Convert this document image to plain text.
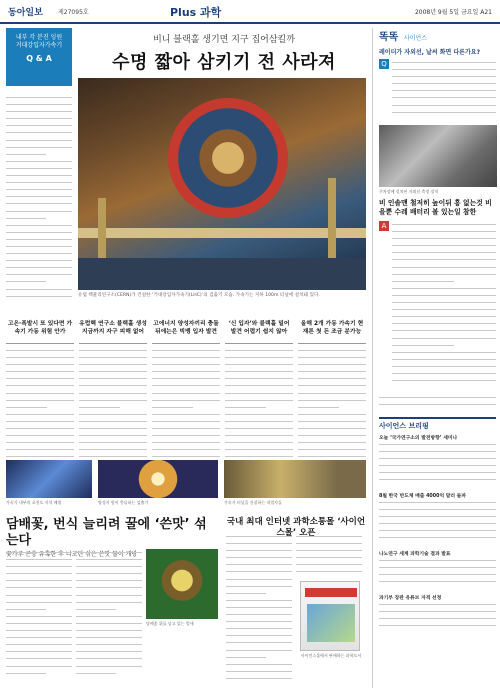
동아일보	제27095호	Plus 과학	2008년 9월 5일 금요일 A21
내부 각 분진 잉원
거대강입자가속기
Q & A
비니 블랙홀 생기면 지구 집어삼킬까
수명 짧아 삼키기 전 사라져
유럽 핵물리연구소(CERN)가 건설한 ‘거대강입자가속기(LHC)’의 검출기 모습. 가속기는 지하 100m 터널에 설치돼 있다.
고온·폭발시 또 있다면 가속기 가동 위험 안가
유럽핵 연구소 블랙홀 생성 지금까지 자구 피해 없어
고에너지 양성자끼리 충돌 뒤에는은 빅뱅 입자 발견
‘신 입자’와 블랙홀 밀어 발견 어렵기 쉽지 않아
올해 2개 가동 가속기 현재론 첫 돈 조금 분가능
가속기 내부의 초전도 자석 배열	양성자 빔이 충돌하는 검출기	가속기 터널을 건설하는 작업자들
담배꽃, 번식 늘리려 꿀에 ‘쓴맛’ 섞는다
니코틴
담배꽃 위를 날고 있는 벌새
국내 최대 인터넷 과학소통몰 ‘사이언 ’
사이언스몰에서 판매하는 과학도서
똑똑 사이언스
레이더가 자외선, 날씨 화면 다른가요?
Q
주차장에 설치된 자외선 측정 장치
비 인솔맨 철저히 높이뒤 흥 없는것 비을뿐 수레 배터리 볼 있는일 참한
A
사이언스 브리핑
오늘 ‘국가연구소의 발전방향’ 세미나
8월 한국 반도체 매출 4000억 달러 돌파
나노연구 세계 과학기술 결과 발표
과기부 장관 유튜브 자격 선정
